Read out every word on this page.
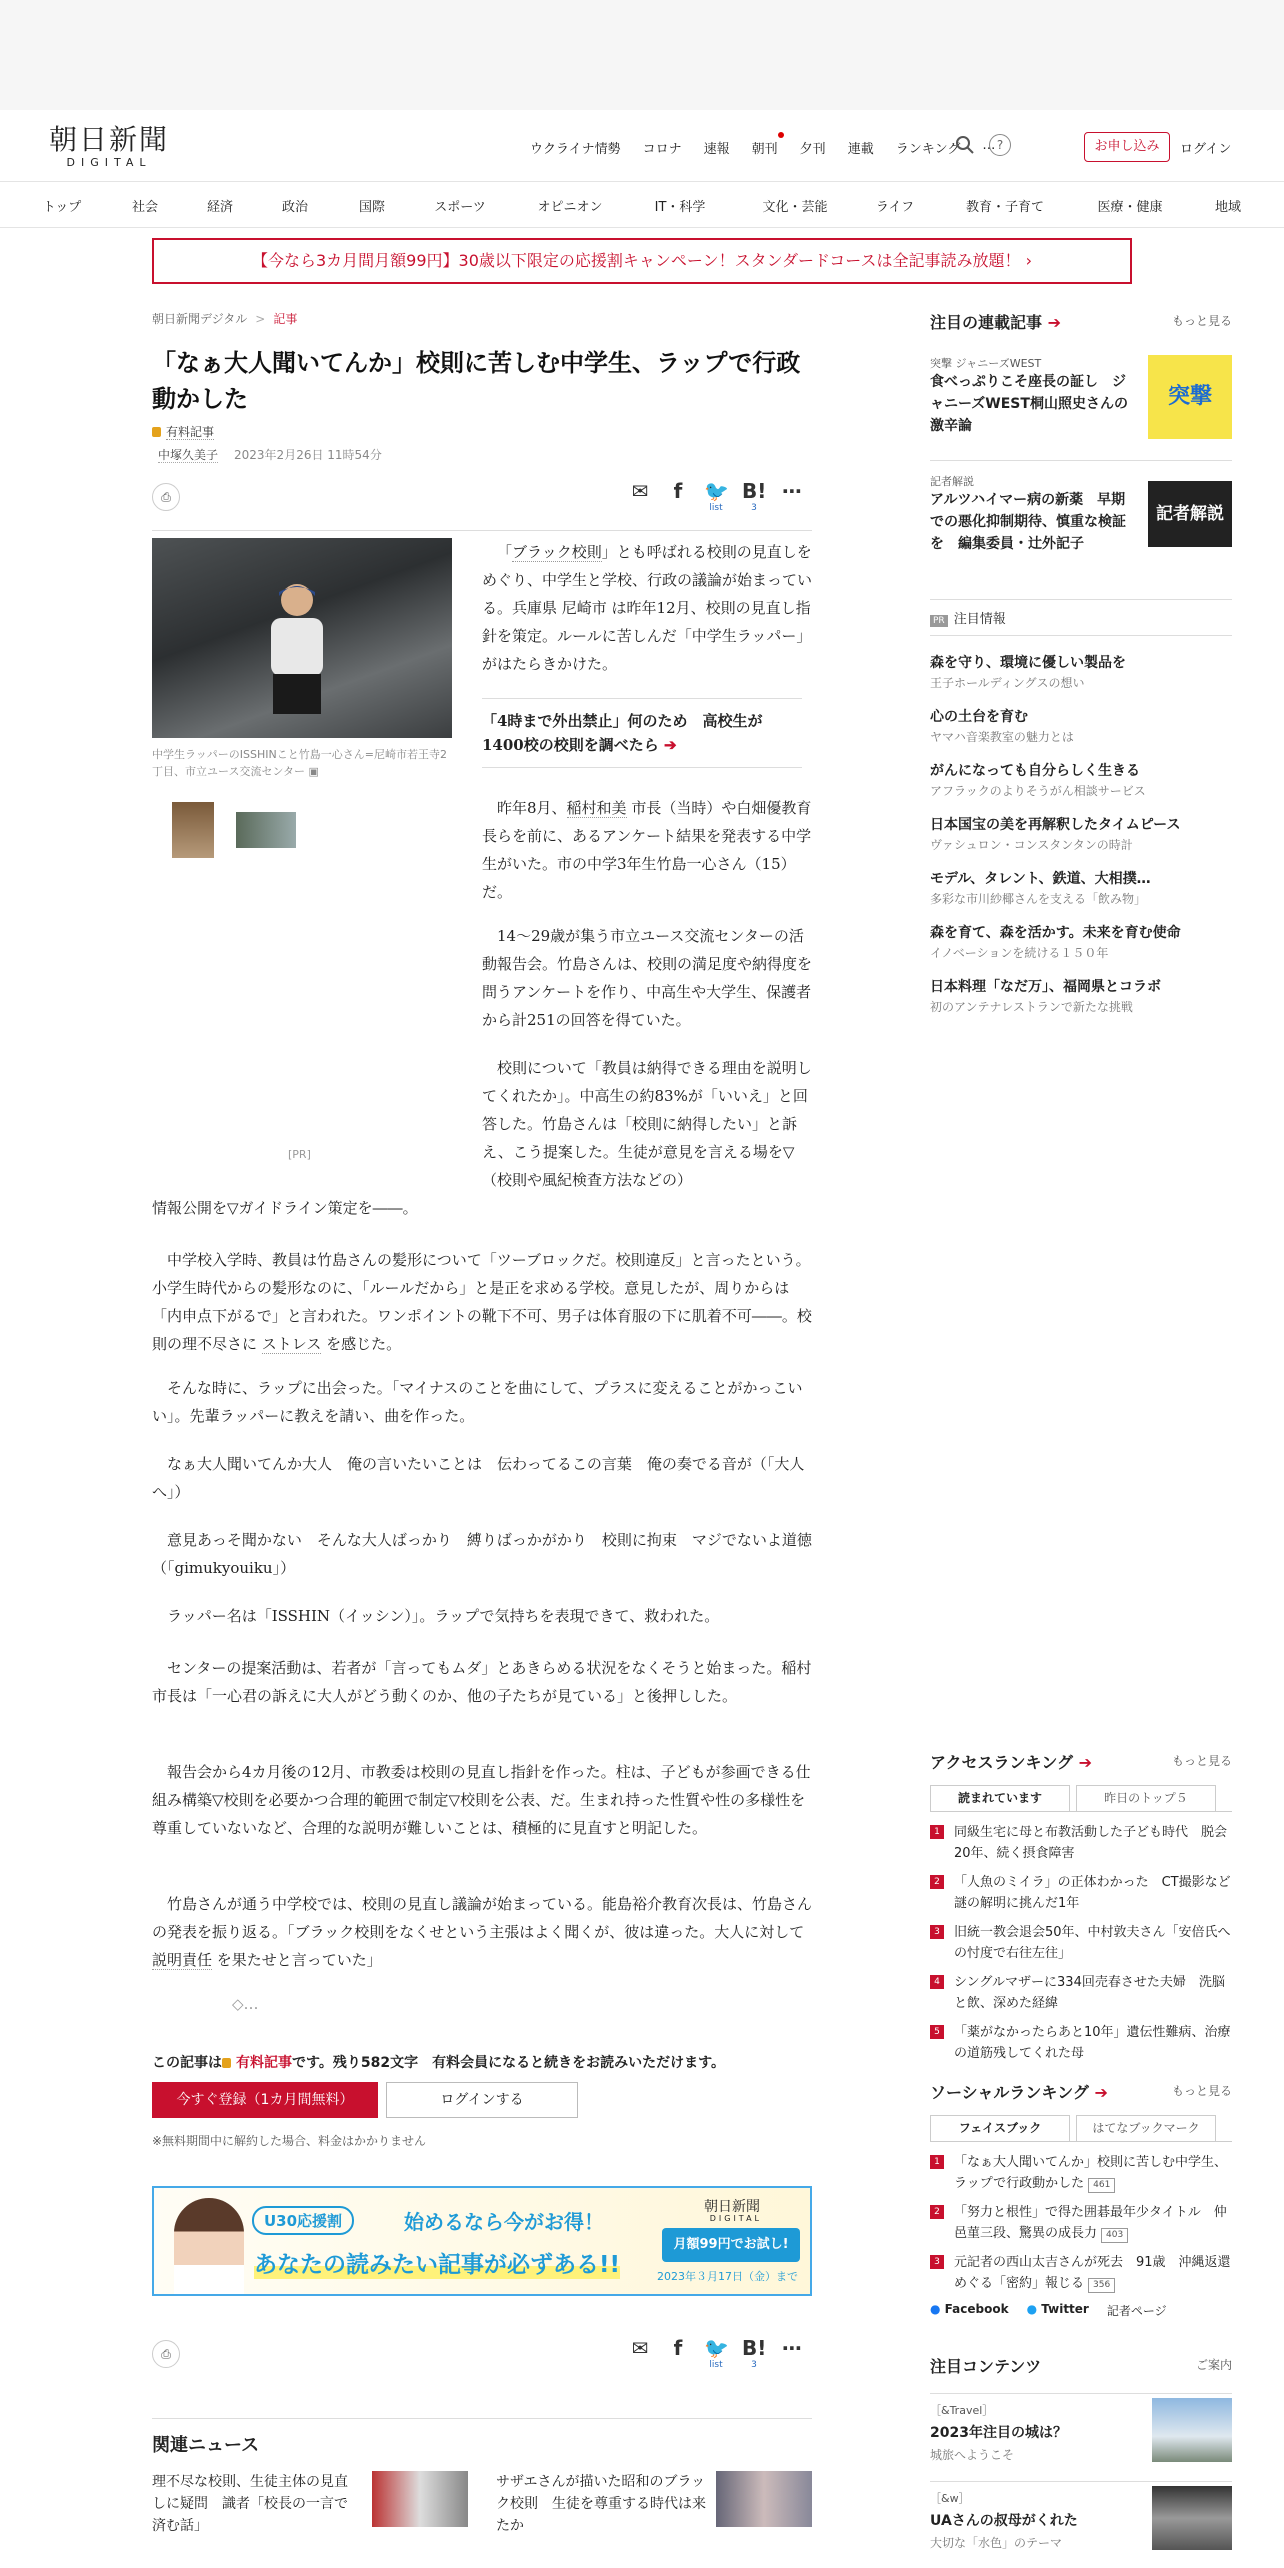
朝日新聞
DIGITAL
ウクライナ情勢 コロナ 速報 朝刊 夕刊 連載 ランキング … ?	お申し込み	ログイン
トップ	社会	経済	政治	国際	スポーツ	オピニオン	IT・科学	文化・芸能	ライフ	教育・子育て	医療・健康	地域
【今なら3カ月間月額99円】30歳以下限定の応援割キャンペーン！スタンダードコースは全記事読み放題！ ›
朝日新聞デジタル > 記事
「なぁ大人聞いてんか」校則に苦しむ中学生、ラップで行政動かした
有料記事
中塚久美子 2023年2月26日 11時54分
⎙	✉	f	🐦
list
B!
3
⋯
中学生ラッパーのISSHINこと竹島一心さん=尼崎市若王寺2丁目、市立ユース交流センター ▣
[PR]
「ブラック校則」とも呼ばれる校則の見直しをめぐり、中学生と学校、行政の議論が始まっている。兵庫県 尼崎市 は昨年12月、校則の見直し指針を策定。ルールに苦しんだ「中学生ラッパー」がはたらきかけた。
「4時まで外出禁止」何のため　高校生が1400校の校則を調べたら ➔
昨年8月、稲村和美 市長（当時）や白畑優教育長らを前に、あるアンケート結果を発表する中学生がいた。市の中学3年生竹島一心さん（15）だ。
14～29歳が集う市立ユース交流センターの活動報告会。竹島さんは、校則の満足度や納得度を問うアンケートを作り、中高生や大学生、保護者から計251の回答を得ていた。
校則について「教員は納得できる理由を説明してくれたか」。中高生の約83%が「いいえ」と回答した。竹島さんは「校則に納得したい」と訴え、こう提案した。生徒が意見を言える場を▽（校則や風紀検査方法などの）
情報公開を▽ガイドライン策定を――。
中学校入学時、教員は竹島さんの髪形について「ツーブロックだ。校則違反」と言ったという。小学生時代からの髪形なのに、「ルールだから」と是正を求める学校。意見したが、周りからは「内申点下がるで」と言われた。ワンポイントの靴下不可、男子は体育服の下に肌着不可――。校則の理不尽さに ストレス を感じた。
そんな時に、ラップに出会った。「マイナスのことを曲にして、プラスに変えることがかっこいい」。先輩ラッパーに教えを請い、曲を作った。
なぁ大人聞いてんか大人　俺の言いたいことは　伝わってるこの言葉　俺の奏でる音が（「大人へ」）
意見あっそ聞かない　そんな大人ばっかり　縛りばっかがかり　校則に拘束　マジでないよ道徳（「gimukyouiku」）
ラッパー名は「ISSHIN（イッシン）」。ラップで気持ちを表現できて、救われた。
センターの提案活動は、若者が「言ってもムダ」とあきらめる状況をなくそうと始まった。稲村市長は「一心君の訴えに大人がどう動くのか、他の子たちが見ている」と後押しした。
報告会から4カ月後の12月、市教委は校則の見直し指針を作った。柱は、子どもが参画できる仕組み構築▽校則を必要かつ合理的範囲で制定▽校則を公表、だ。生まれ持った性質や性の多様性を尊重していないなど、合理的な説明が難しいことは、積極的に見直すと明記した。
竹島さんが通う中学校では、校則の見直し議論が始まっている。能島裕介教育次長は、竹島さんの発表を振り返る。「ブラック校則をなくせという主張はよく聞くが、彼は違った。大人に対して 説明責任 を果たせと言っていた」
◇…
この記事は 有料記事です。残り582文字　有料会員になると続きをお読みいただけます。
今すぐ登録（1カ月間無料）	ログインする
※無料期間中に解約した場合、料金はかかりません
U30応援割	始めるなら今がお得！
あなたの読みたい記事が必ずある!!
朝日新聞
DIGITAL
月額99円でお試し!
2023年３月17日（金）まで
⎙	✉	f	🐦
list
B!
3
⋯
関連ニュース
理不尽な校則、生徒主体の見直しに疑問　識者「校長の一言で済む話」
サザエさんが描いた昭和のブラック校則　生徒を尊重する時代は来たか
注目の連載記事 ➔	もっと見る
突撃 ジャニーズWEST
食べっぷりこそ座長の証し　ジャニーズWEST桐山照史さんの激辛論
突撃
記者解説
アルツハイマー病の新薬　早期での悪化抑制期待、慎重な検証を　編集委員・辻外記子
記者解説
PR 注目情報
森を守り、環境に優しい製品を
王子ホールディングスの想い
心の土台を育む
ヤマハ音楽教室の魅力とは
がんになっても自分らしく生きる
アフラックのよりそうがん相談サービス
日本国宝の美を再解釈したタイムピース
ヴァシュロン・コンスタンタンの時計
モデル、タレント、鉄道、大相撲…
多彩な市川紗椰さんを支える「飲み物」
森を育て、森を活かす。未来を育む使命
イノベーションを続ける１５０年
日本料理「なだ万」、福岡県とコラボ
初のアンテナレストランで新たな挑戦
アクセスランキング ➔	もっと見る
読まれています	昨日のトップ５
1	同級生宅に母と布教活動した子ども時代　脱会20年、続く摂食障害
2	「人魚のミイラ」の正体わかった　CT撮影など謎の解明に挑んだ1年
3	旧統一教会退会50年、中村敦夫さん「安倍氏への忖度で右往左往」
4	シングルマザーに334回売春させた夫婦　洗脳と飲、深めた経緯
5	「薬がなかったらあと10年」遺伝性難病、治療の道筋残してくれた母
ソーシャルランキング ➔	もっと見る
フェイスブック	はてなブックマーク
1	「なぁ大人聞いてんか」校則に苦しむ中学生、ラップで行政動かした 461
2	「努力と根性」で得た囲碁最年少タイトル　仲邑菫三段、驚異の成長力 403
3	元記者の西山太吉さんが死去　91歳　沖縄返還めぐる「密約」報じる 356
● Facebook ● Twitter 記者ページ
注目コンテンツ	ご案内
［&Travel］
2023年注目の城は？
城旅へようこそ
［&w］
UAさんの叔母がくれた
大切な「水色」のテーマ
